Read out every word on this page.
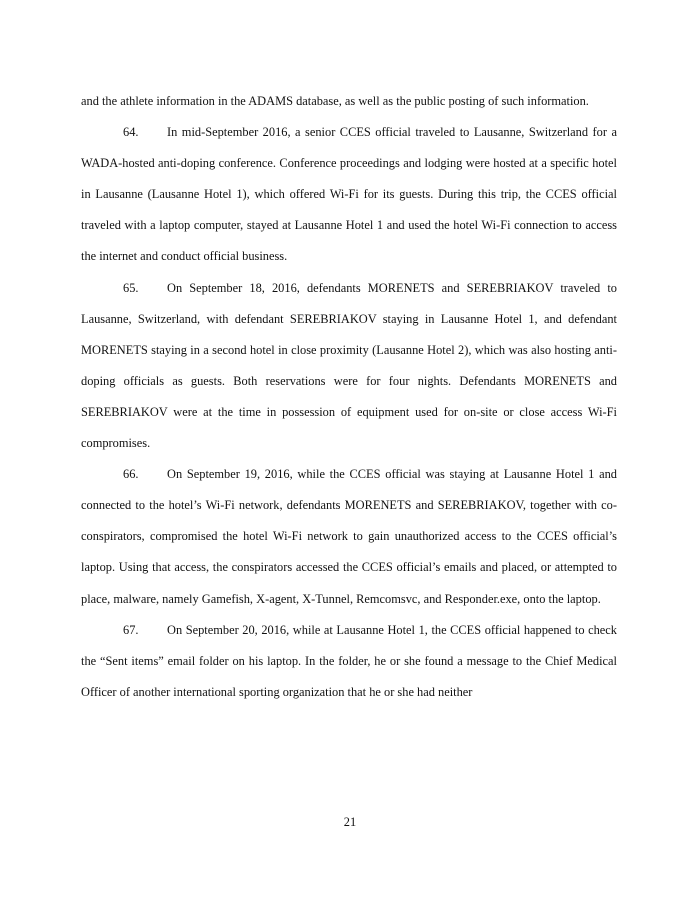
and the athlete information in the ADAMS database, as well as the public posting of such information.

64. In mid-September 2016, a senior CCES official traveled to Lausanne, Switzerland for a WADA-hosted anti-doping conference. Conference proceedings and lodging were hosted at a specific hotel in Lausanne (Lausanne Hotel 1), which offered Wi-Fi for its guests. During this trip, the CCES official traveled with a laptop computer, stayed at Lausanne Hotel 1 and used the hotel Wi-Fi connection to access the internet and conduct official business.

65. On September 18, 2016, defendants MORENETS and SEREBRIAKOV traveled to Lausanne, Switzerland, with defendant SEREBRIAKOV staying in Lausanne Hotel 1, and defendant MORENETS staying in a second hotel in close proximity (Lausanne Hotel 2), which was also hosting anti-doping officials as guests. Both reservations were for four nights. Defendants MORENETS and SEREBRIAKOV were at the time in possession of equipment used for on-site or close access Wi-Fi compromises.

66. On September 19, 2016, while the CCES official was staying at Lausanne Hotel 1 and connected to the hotel’s Wi-Fi network, defendants MORENETS and SEREBRIAKOV, together with co-conspirators, compromised the hotel Wi-Fi network to gain unauthorized access to the CCES official’s laptop. Using that access, the conspirators accessed the CCES official’s emails and placed, or attempted to place, malware, namely Gamefish, X-agent, X-Tunnel, Remcomsvc, and Responder.exe, onto the laptop.

67. On September 20, 2016, while at Lausanne Hotel 1, the CCES official happened to check the “Sent items” email folder on his laptop. In the folder, he or she found a message to the Chief Medical Officer of another international sporting organization that he or she had neither

21
